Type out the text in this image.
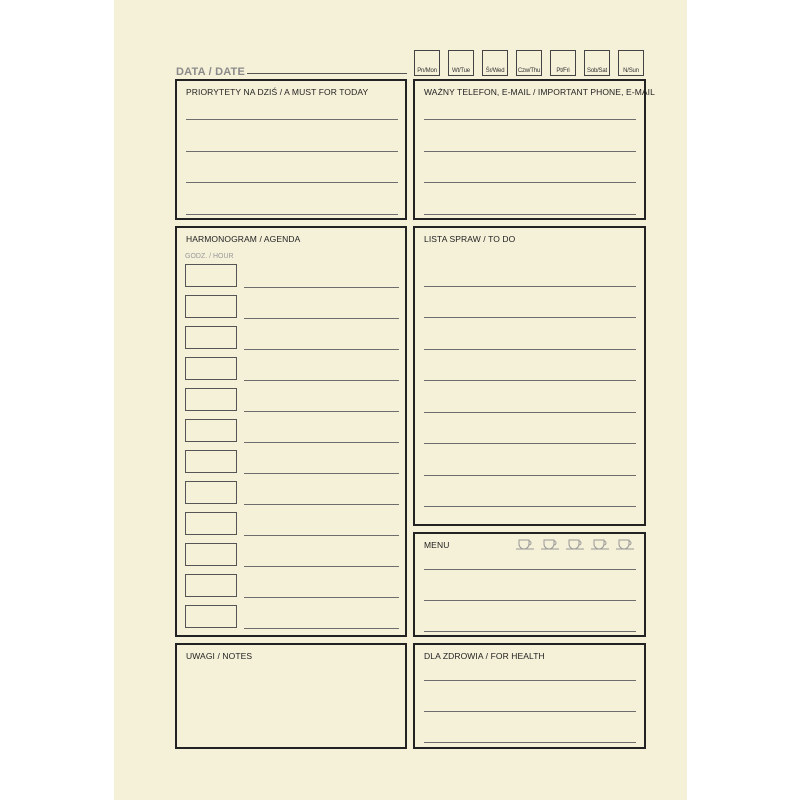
DATA / DATE	Pn/Mon	Wt/Tue	Śr/Wed	Czw/Thu	Pt/Fri	Sob/Sat	N/Sun
PRIORYTETY NA DZIŚ / A MUST FOR TODAY	WAŻNY TELEFON, E-MAIL / IMPORTANT PHONE, E-MAIL
HARMONOGRAM / AGENDA
GODZ. / HOUR
LISTA SPRAW / TO DO
MENU
UWAGI / NOTES	DLA ZDROWIA / FOR HEALTH
